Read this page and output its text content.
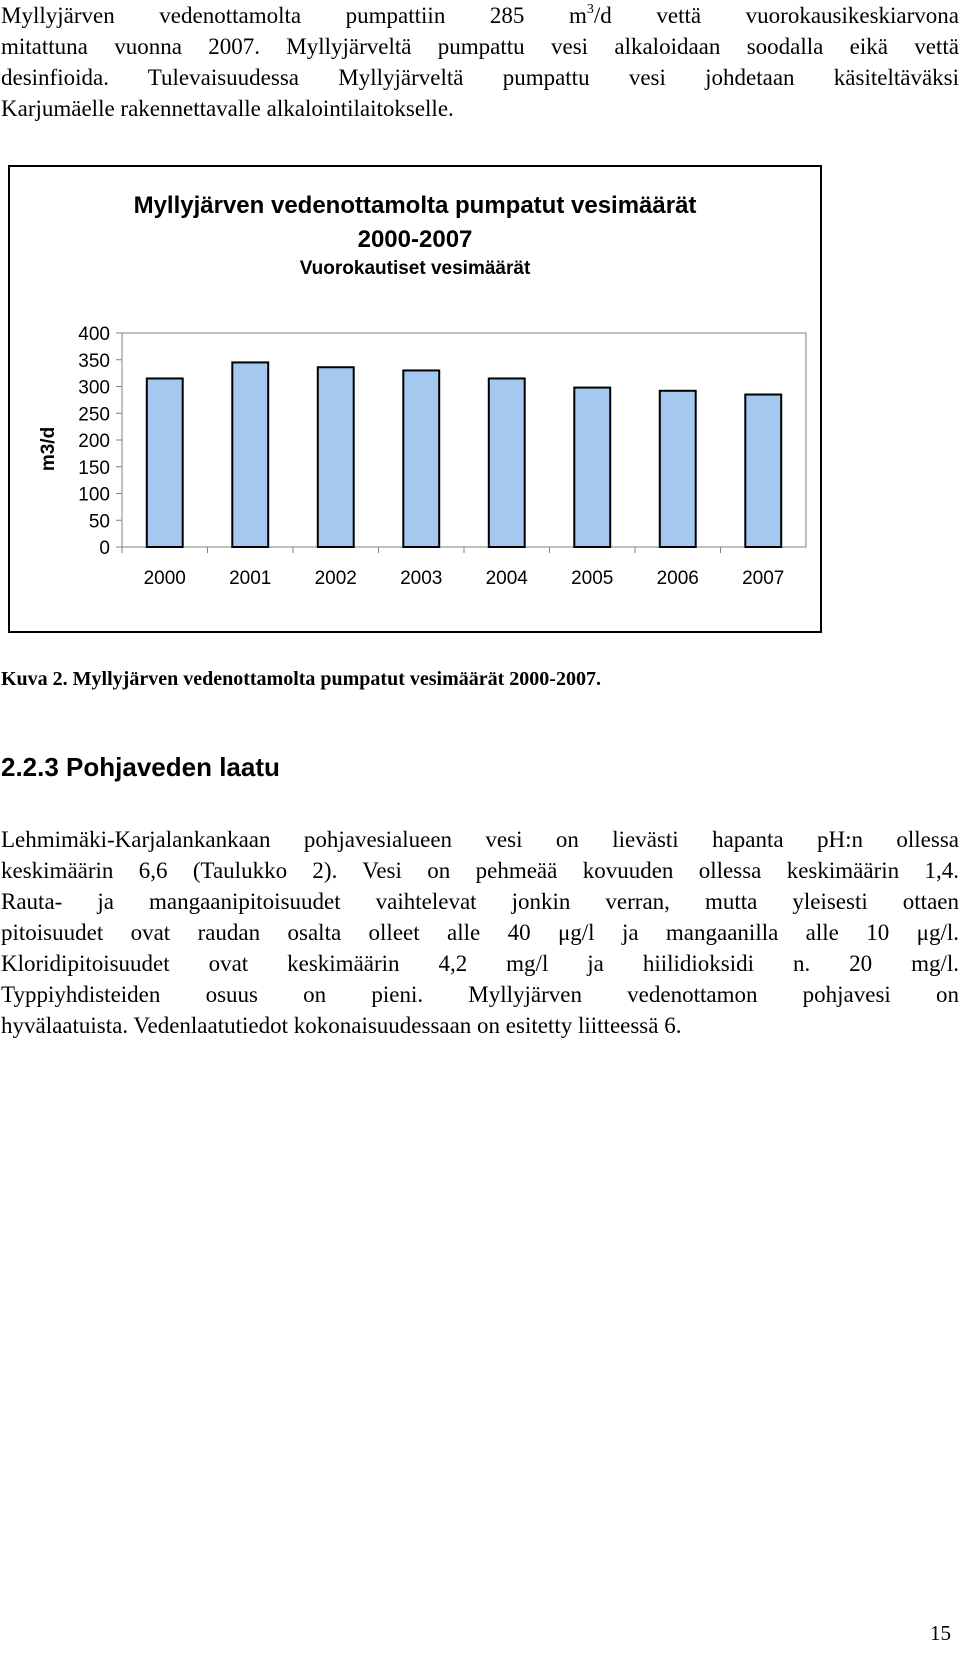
Myllyjärven vedenottamolta pumpattiin 285 $m^3/d$ vettä vuorokausikeskiarvona
mitattuna vuonna 2007. Myllyjärveltä pumpattu vesi alkaloidaan soodalla eikä vettä
desinfioida. Tulevaisuudessa Myllyjärveltä pumpattu vesi johdetaan käsiteltäväksi
Karjumäelle rakennettavalle alkalointilaitokselle.
Myllyjärven vedenottamolta pumpatut vesimäärät
2000-2007
Vuorokautiset vesimäärät
m3/d
400
350
300
250
200
150
100
50
0
2000 2001 2002 2003 2004 2005 2006 2007

Kuva 2. Myllyjärven vedenottamolta pumpatut vesimäärät 2000-2007.

2.2.3 Pohjaveden laatu
Lehmimäki-Karjalankankaan pohjavesialueen vesi on lievästi hapanta pH:n ollessa
keskimäärin 6,6 (Taulukko 2). Vesi on pehmeää kovuuden ollessa keskimäärin 1,4.
Rauta- ja mangaanipitoisuudet vaihtelevat jonkin verran, mutta yleisesti ottaen
pitoisuudet ovat raudan osalta olleet alle 40 μg/l ja mangaanilla alle 10 μg/l.
Kloridipitoisuudet ovat keskimäärin 4,2 mg/l ja hiilidioksidi n. 20 mg/l.
Typpiyhdisteiden osuus on pieni. Myllyjärven vedenottamon pohjavesi on
hyvälaatuista. Vedenlaatutiedot kokonaisuudessaan on esitetty liitteessä 6.

15
